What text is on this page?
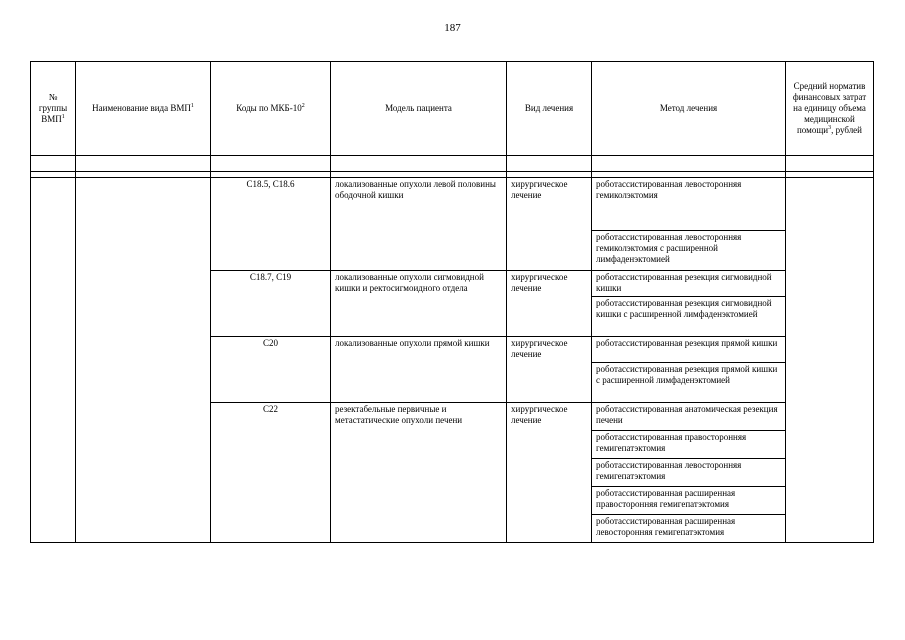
187
№ группы ВМП$^1$	Наименование вида ВМП$^1$	Коды по МКБ-$10^2$	Модель пациента	Вид лечения	Метод лечения	Средний норматив финансовых затрат на единицу объема медицинской помощи$^3$, рублей

		C18.5, C18.6	локализованные опухоли левой половины ободочной кишки	хирургическое лечение	роботассистированная левосторонняя гемиколэктомия	
					роботассистированная левосторонняя гемиколэктомия с расширенной лимфаденэктомией	
		C18.7, C19	локализованные опухоли сигмовидной кишки и ректосигмоидного отдела	хирургическое лечение	роботассистированная резекция сигмовидной кишки	
					роботассистированная резекция сигмовидной кишки с расширенной лимфаденэктомией	
		C20	локализованные опухоли прямой кишки	хирургическое лечение	роботассистированная резекция прямой кишки	
					роботассистированная резекция прямой кишки с расширенной лимфаденэктомией	
		C22	резектабельные первичные и метастатические опухоли печени	хирургическое лечение	роботассистированная анатомическая резекция печени	
					роботассистированная правосторонняя гемигепатэктомия	
					роботассистированная левосторонняя гемигепатэктомия	
					роботассистированная расширенная правосторонняя гемигепатэктомия	
					роботассистированная расширенная левосторонняя гемигепатэктомия	
